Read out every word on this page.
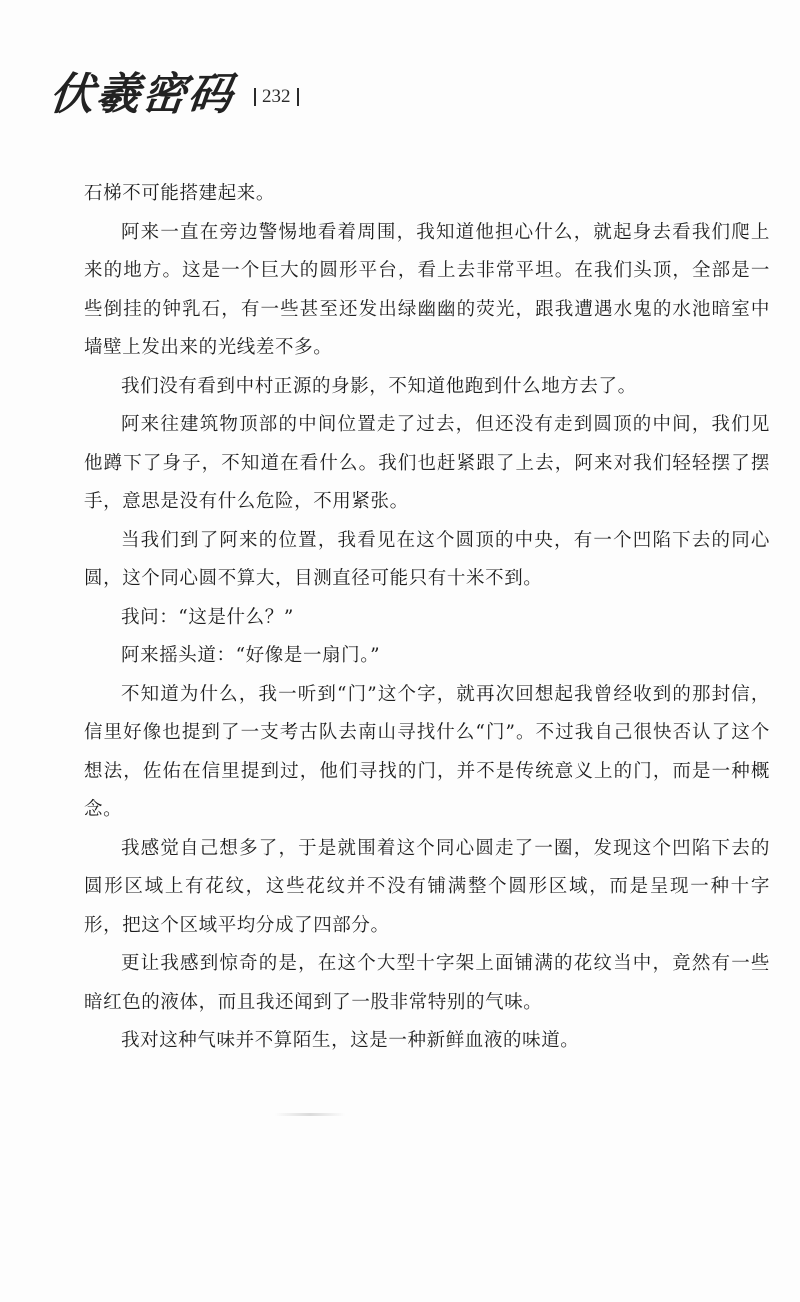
伏羲密码 232

石梯不可能搭建起来。

阿来一直在旁边警惕地看着周围，我知道他担心什么，就起身去看我们爬上来的地方。这是一个巨大的圆形平台，看上去非常平坦。在我们头顶，全部是一些倒挂的钟乳石，有一些甚至还发出绿幽幽的荧光，跟我遭遇水鬼的水池暗室中墙壁上发出来的光线差不多。

我们没有看到中村正源的身影，不知道他跑到什么地方去了。

阿来往建筑物顶部的中间位置走了过去，但还没有走到圆顶的中间，我们见他蹲下了身子，不知道在看什么。我们也赶紧跟了上去，阿来对我们轻轻摆了摆手，意思是没有什么危险，不用紧张。

当我们到了阿来的位置，我看见在这个圆顶的中央，有一个凹陷下去的同心圆，这个同心圆不算大，目测直径可能只有十米不到。

我问：“这是什么？”

阿来摇头道：“好像是一扇门。”

不知道为什么，我一听到“门”这个字，就再次回想起我曾经收到的那封信，信里好像也提到了一支考古队去南山寻找什么“门”。不过我自己很快否认了这个想法，佐佑在信里提到过，他们寻找的门，并不是传统意义上的门，而是一种概念。

我感觉自己想多了，于是就围着这个同心圆走了一圈，发现这个凹陷下去的圆形区域上有花纹，这些花纹并不没有铺满整个圆形区域，而是呈现一种十字形，把这个区域平均分成了四部分。

更让我感到惊奇的是，在这个大型十字架上面铺满的花纹当中，竟然有一些暗红色的液体，而且我还闻到了一股非常特别的气味。

我对这种气味并不算陌生，这是一种新鲜血液的味道。
